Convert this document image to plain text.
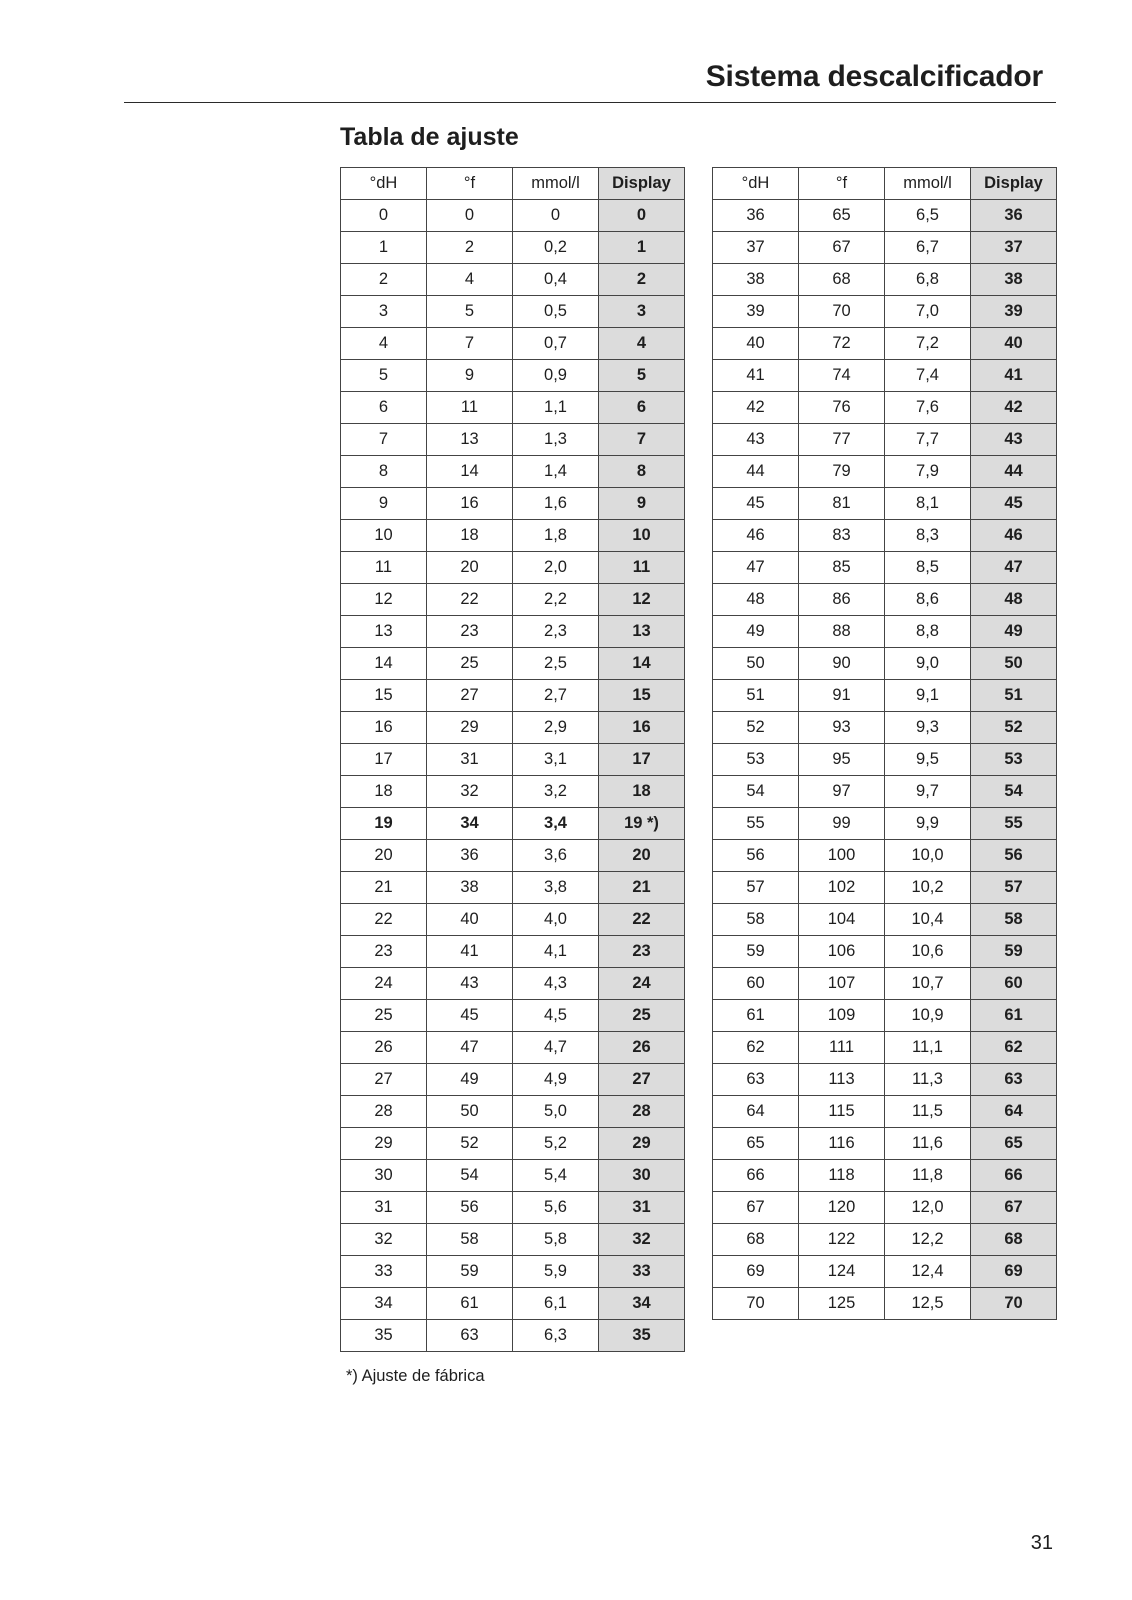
Sistema descalcificador
Tabla de ajuste
°dH	°f	mmol/l	Display
0	0	0	0
1	2	0,2	1
2	4	0,4	2
3	5	0,5	3
4	7	0,7	4
5	9	0,9	5
6	11	1,1	6
7	13	1,3	7
8	14	1,4	8
9	16	1,6	9
10	18	1,8	10
11	20	2,0	11
12	22	2,2	12
13	23	2,3	13
14	25	2,5	14
15	27	2,7	15
16	29	2,9	16
17	31	3,1	17
18	32	3,2	18
19	34	3,4	19 *)
20	36	3,6	20
21	38	3,8	21
22	40	4,0	22
23	41	4,1	23
24	43	4,3	24
25	45	4,5	25
26	47	4,7	26
27	49	4,9	27
28	50	5,0	28
29	52	5,2	29
30	54	5,4	30
31	56	5,6	31
32	58	5,8	32
33	59	5,9	33
34	61	6,1	34
35	63	6,3	35
°dH	°f	mmol/l	Display
36	65	6,5	36
37	67	6,7	37
38	68	6,8	38
39	70	7,0	39
40	72	7,2	40
41	74	7,4	41
42	76	7,6	42
43	77	7,7	43
44	79	7,9	44
45	81	8,1	45
46	83	8,3	46
47	85	8,5	47
48	86	8,6	48
49	88	8,8	49
50	90	9,0	50
51	91	9,1	51
52	93	9,3	52
53	95	9,5	53
54	97	9,7	54
55	99	9,9	55
56	100	10,0	56
57	102	10,2	57
58	104	10,4	58
59	106	10,6	59
60	107	10,7	60
61	109	10,9	61
62	111	11,1	62
63	113	11,3	63
64	115	11,5	64
65	116	11,6	65
66	118	11,8	66
67	120	12,0	67
68	122	12,2	68
69	124	12,4	69
70	125	12,5	70

*) Ajuste de fábrica

31
